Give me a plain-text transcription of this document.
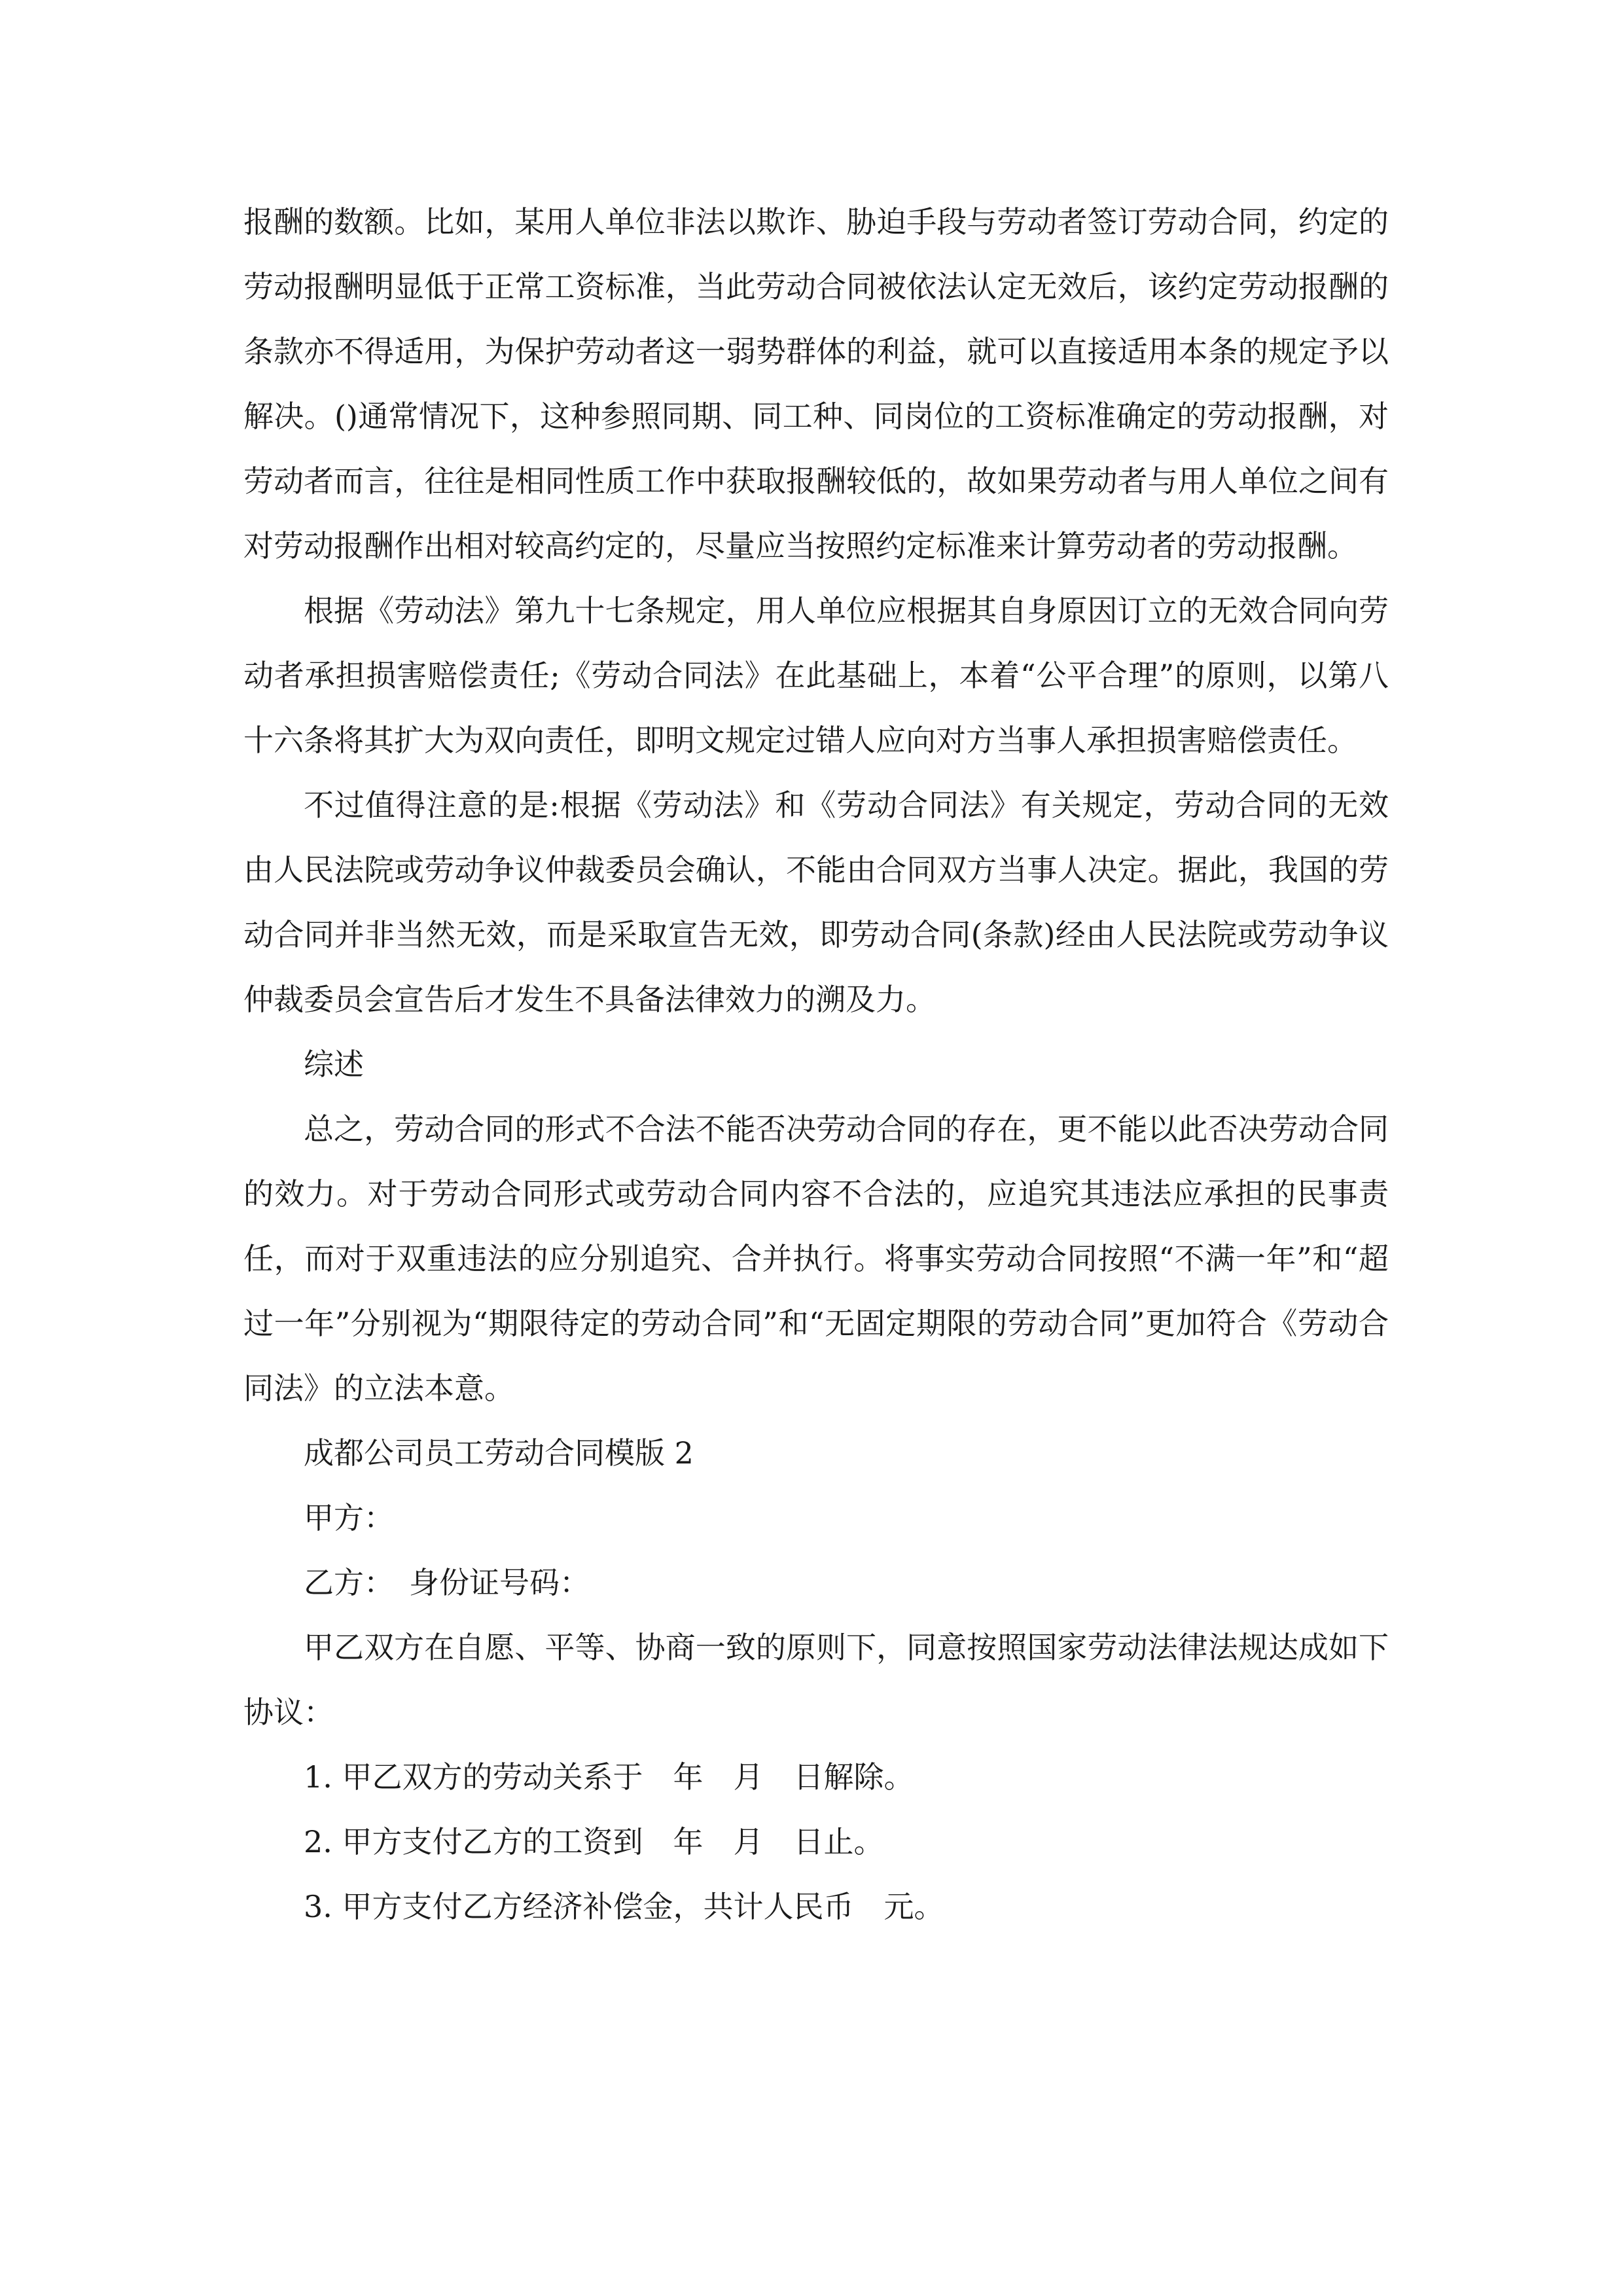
报酬的数额。比如，某用人单位非法以欺诈、胁迫手段与劳动者签订劳动合同，约定的劳动报酬明显低于正常工资标准，当此劳动合同被依法认定无效后，该约定劳动报酬的条款亦不得适用，为保护劳动者这一弱势群体的利益，就可以直接适用本条的规定予以解决。()通常情况下，这种参照同期、同工种、同岗位的工资标准确定的劳动报酬，对劳动者而言，往往是相同性质工作中获取报酬较低的，故如果劳动者与用人单位之间有对劳动报酬作出相对较高约定的，尽量应当按照约定标准来计算劳动者的劳动报酬。

根据《劳动法》第九十七条规定，用人单位应根据其自身原因订立的无效合同向劳动者承担损害赔偿责任;《劳动合同法》在此基础上，本着“公平合理”的原则，以第八十六条将其扩大为双向责任，即明文规定过错人应向对方当事人承担损害赔偿责任。

不过值得注意的是:根据《劳动法》和《劳动合同法》有关规定，劳动合同的无效由人民法院或劳动争议仲裁委员会确认，不能由合同双方当事人决定。据此，我国的劳动合同并非当然无效，而是采取宣告无效，即劳动合同(条款)经由人民法院或劳动争议仲裁委员会宣告后才发生不具备法律效力的溯及力。

综述

总之，劳动合同的形式不合法不能否决劳动合同的存在，更不能以此否决劳动合同的效力。对于劳动合同形式或劳动合同内容不合法的，应追究其违法应承担的民事责任，而对于双重违法的应分别追究、合并执行。将事实劳动合同按照“不满一年”和“超过一年”分别视为“期限待定的劳动合同”和“无固定期限的劳动合同”更加符合《劳动合同法》的立法本意。

成都公司员工劳动合同模版 2

甲方：

乙方：　身份证号码：

甲乙双方在自愿、平等、协商一致的原则下，同意按照国家劳动法律法规达成如下协议：

1. 甲乙双方的劳动关系于　年　月　日解除。

2. 甲方支付乙方的工资到　年　月　日止。

3. 甲方支付乙方经济补偿金，共计人民币　元。
